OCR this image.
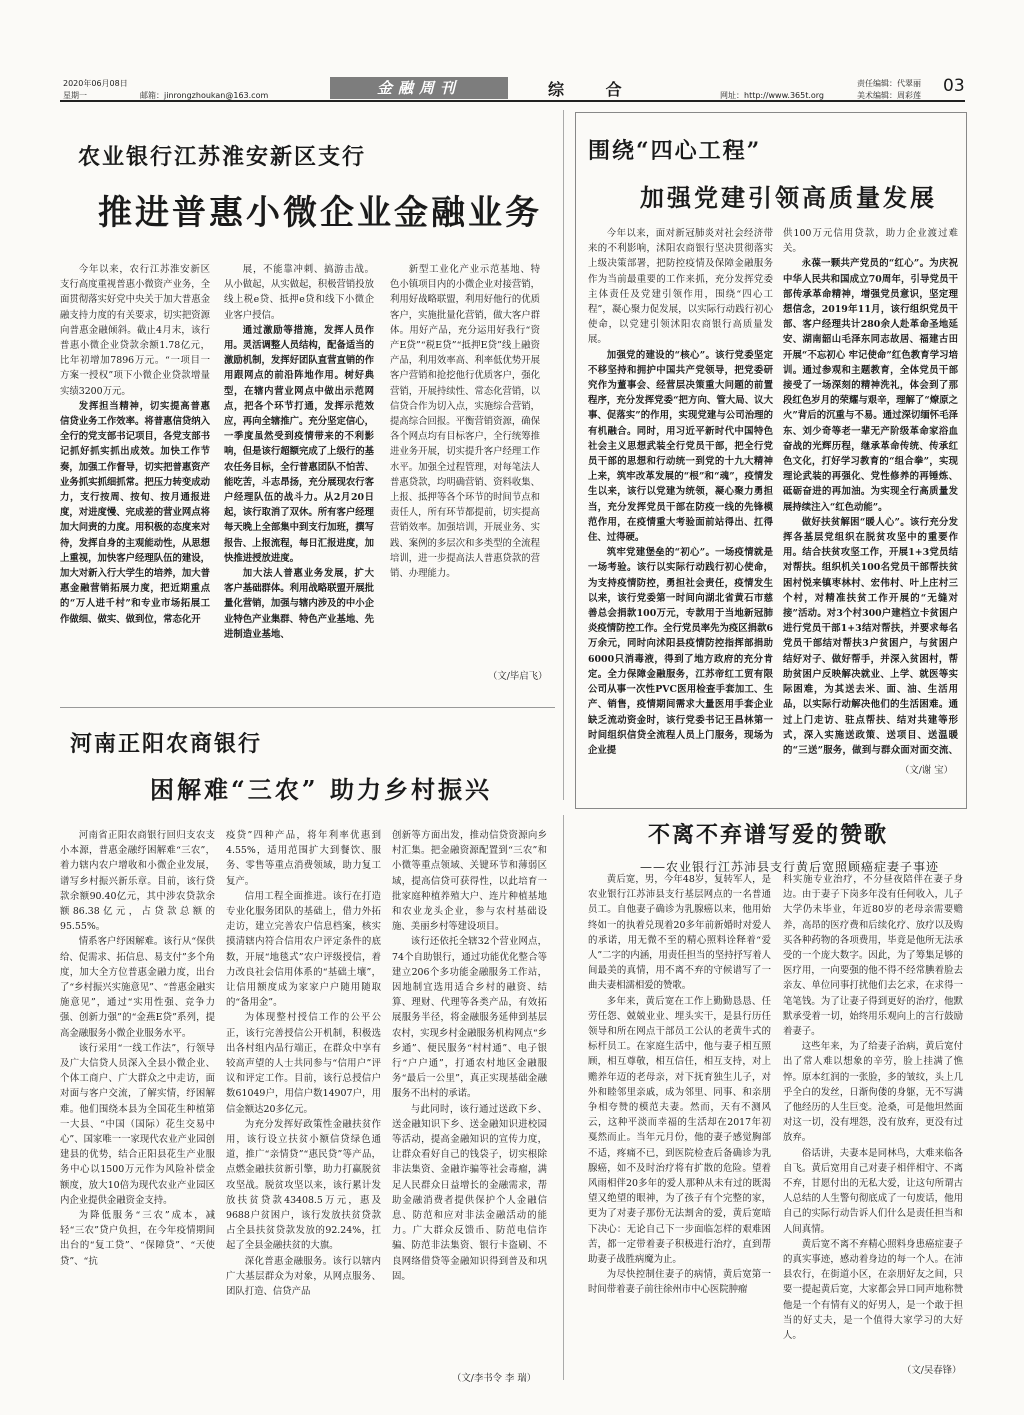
2020年06月08日
星期一	邮箱：jinrongzhoukan@163.com	金融周刊	综 合	网址：http://www.365t.org
责任编辑：代翠丽
美术编辑：周彩莲 03
农业银行江苏淮安新区支行
推进普惠小微企业金融业务

今年以来，农行江苏淮安新区支行高度重视普惠小微资产业务，全面贯彻落实好党中央关于加大普惠金融支持力度的有关要求，切实把资源向普惠金融倾斜。截止4月末，该行普惠小微企业贷款余额1.78亿元，比年初增加7896万元。“一项目一方案一授权”项下小微企业贷款增量实绩3200万元。

发挥担当精神，切实提高普惠信贷业务工作效率。将普惠信贷纳入全行的党支部书记项目，各党支部书记抓好抓实抓出成效。加快工作节奏，加强工作督导，切实把普惠资产业务抓实抓细抓常。把压力转变成动力，支行按周、按旬、按月通报进度，对进度慢、完成差的营业网点将加大问责的力度。用积极的态度来对待，发挥自身的主观能动性，从思想上重视，加快客户经理队伍的建设，加大对新入行大学生的培养，加大普惠金融营销拓展力度，把近期重点的“万人进千村”和专业市场拓展工作做细、做实、做到位，常态化开

展，不能靠冲刺、搞游击战。从小做起，从实做起，积极营销投放线上税e贷、抵押e贷和线下小微企业客户授信。

通过激励等措施，发挥人员作用。灵活调整人员结构，配备适当的激励机制，发挥好团队直营直销的作用跟网点的前沿阵地作用。树好典型，在辖内营业网点中做出示范网点，把各个环节打通，发挥示范效应，再向全辖推广。充分坚定信心，一季度虽然受到疫情带来的不利影响，但是该行超额完成了上级行的基农任务目标，全行普惠团队不怕苦、能吃苦，斗志昂扬，充分展现农行客户经理队伍的战斗力。从2月20日起，该行取消了双休。所有客户经理每天晚上全部集中到支行加班，撰写报告、上报流程，每日汇报进度，加快推进授放进度。

加大法人普惠业务发展，扩大客户基础群体。利用战略联盟开展批量化营销，加强与辖内涉及的中小企业特色产业集群、特色产业基地、先进制造业基地、

新型工业化产业示范基地、特色小镇项目内的小微企业对接营销，利用好战略联盟，利用好他行的优质客户，实施批量化营销，做大客户群体。用好产品，充分运用好我行“资产E贷”“税E贷”“抵押E贷”线上融资产品，利用效率高、利率低优势开展客户营销和抢挖他行优质客户，强化营销，开展持续性、常态化营销，以信贷合作为切入点，实施综合营销，提高综合回报。平衡营销资源，确保各个网点均有目标客户，全行统筹推进业务开展，切实提升客户经理工作水平。加强全过程管理，对每笔法人普惠贷款，均明确营销、资料收集、上报、抵押等各个环节的时间节点和责任人，所有环节都提前，切实提高营销效率。加强培训，开展业务、实践、案例的多层次和多类型的全流程培训，进一步提高法人普惠贷款的营销、办理能力。

（文/毕启飞）
围绕“四心工程”
加强党建引领高质量发展

今年以来，面对新冠肺炎对社会经济带来的不利影响，沭阳农商银行坚决贯彻落实上级决策部署，把防控疫情及保障金融服务作为当前最重要的工作来抓，充分发挥党委主体责任及党建引领作用，围绕“四心工程”，凝心聚力促发展，以实际行动践行初心使命，以党建引领沭阳农商银行高质量发展。

加强党的建设的“核心”。该行党委坚定不移坚持和拥护中国共产党领导，把党委研究作为董事会、经营层决策重大问题的前置程序，充分发挥党委“把方向、管大局、议大事、促落实”的作用，实现党建与公司治理的有机融合。同时，用习近平新时代中国特色社会主义思想武装全行党员干部，把全行党员干部的思想和行动统一到党的十九大精神上来，筑牢改革发展的“根”和“魂”，疫情发生以来，该行以党建为统领，凝心聚力勇担当，充分发挥党员干部在防疫一线的先锋模范作用，在疫情重大考验面前站得出、扛得住、过得硬。

筑牢党建堡垒的“初心”。一场疫情就是一场考验。该行以实际行动践行初心使命，为支持疫情防控，勇担社会责任，疫情发生以来，该行党委第一时间向湖北省黄石市慈善总会捐款100万元，专款用于当地新冠肺炎疫情防控工作。全行党员率先为疫区捐款6万余元，同时向沭阳县疫情防控指挥部捐助6000只消毒液，得到了地方政府的充分肯定。全力保障金融服务，江苏帝红工贸有限公司从事一次性PVC医用检查手套加工、生产、销售，疫情期间需求大量医用手套企业缺乏流动资金时，该行党委书记王昌林第一时间组织信贷全流程人员上门服务，现场为企业提

供100万元信用贷款，助力企业渡过难关。

永葆一颗共产党员的“红心”。为庆祝中华人民共和国成立70周年，引导党员干部传承革命精神，增强党员意识，坚定理想信念，2019年11月，该行组织党员干部、客户经理共计280余人赴革命圣地延安、湖南韶山毛泽东同志故居、福建古田开展“不忘初心 牢记使命”红色教育学习培训。通过参观和主题教育，全体党员干部接受了一场深刻的精神洗礼，体会到了那段红色岁月的荣耀与艰辛，理解了“燎原之火”背后的沉重与不易。通过深切缅怀毛泽东、刘少奇等老一辈无产阶级革命家浴血奋战的光辉历程，继承革命传统、传承红色文化，打好学习教育的“组合拳”，实现理论武装的再强化、党性修养的再锤炼、砥砺奋进的再加油。为实现全行高质量发展持续注入“红色动能”。

做好扶贫解困“暖人心”。该行充分发挥各基层党组织在脱贫攻坚中的重要作用。结合扶贫攻坚工作，开展1+3党员结对帮扶。组织机关100名党员干部帮扶贫困村悦来镇枣林村、宏伟村、叶上庄村三个村，对精准扶贫工作开展的“无缝对接”活动。对3个村300户建档立卡贫困户进行党员干部1+3结对帮扶，并要求每名党员干部结对帮扶3户贫困户，与贫困户结好对子、做好帮手，并深入贫困村，帮助贫困户反映解决就业、上学、就医等实际困难，为其送去米、面、油、生活用品，以实际行动解决他们的生活困难。通过上门走访、驻点帮扶、结对共建等形式，深入实施送政策、送项目、送温暖的“三送”服务，做到与群众面对面交流、

（文/谢 宝）
河南正阳农商银行
困解难“三农” 助力乡村振兴

河南省正阳农商银行回归支农支小本源，普惠金融纾困解难“三农”，着力辖内农户增收和小微企业发展，谱写乡村振兴新乐章。目前，该行贷款余额90.40亿元，其中涉农贷款余额86.38亿元，占贷款总额的95.55%。

情系客户纾困解难。该行从“保供给、促需求、拓信息、易支付”多个角度，加大全方位普惠金融力度，出台了“乡村振兴实施意见”、“普惠金融实施意见”，通过“实用性强、竞争力强、创新力强”的“金燕E贷”系列，提高金融服务小微企业服务水平。

该行采用“一线工作法”，行领导及广大信贷人员深入全县小微企业、个体工商户、广大群众之中走访，面对面与客户交流，了解实情，纾困解难。他们围绕本县为全国花生种植第一大县、“中国（国际）花生交易中心”、国家唯一一家现代农业产业园创建县的优势，结合正阳县花生产业服务中心以1500万元作为风险补偿金额度，放大10倍为现代农业产业园区内企业提供金融资金支持。

为降低服务“三农”成本，减轻“三农”贷户负担，在今年疫情期间出台的“复工贷”、“保障贷”、“天使贷”、“抗

疫贷”四种产品，将年利率优惠到4.55%，适用范围扩大到餐饮、服务、零售等重点消费领域，助力复工复产。

信用工程全面推进。该行在打造专业化服务团队的基础上，借力外拓走访，建立完善农户信息档案，核实摸清辖内符合信用农户评定条件的底数，开展“地毯式”农户评级授信，着力改良社会信用体系的“基础土壤”，让信用额度成为家家户户随用随取的“备用金”。

为体现整村授信工作的公平公正，该行完善授信公开机制，积极选出各村组内品行端正，在群众中享有较高声望的人士共同参与“信用户”评议和评定工作。目前，该行总授信户数61049户，用信户数14907户，用信金额达20多亿元。

为充分发挥好政策性金融扶贫作用，该行设立扶贫小额信贷绿色通道，推广“亲情贷”“惠民贷”等产品，点燃金融扶贫新引擎，助力打赢脱贫攻坚战。脱贫攻坚以来，该行累计发放扶贫贷款43408.5万元，惠及9688户贫困户，该行发放扶贫贷款占全县扶贫贷款发放的92.24%，扛起了全县金融扶贫的大旗。

深化普惠金融服务。该行以辖内广大基层群众为对象，从网点服务、团队打造、信贷产品

创新等方面出发，推动信贷资源向乡村汇集。把金融资源配置到“三农”和小微等重点领域、关键环节和薄弱区域，提高信贷可获得性，以此培育一批家庭种植养殖大户、连片种植基地和农业龙头企业，参与农村基础设施、美丽乡村等建设项目。

该行还依托全辖32个营业网点，74个自助银行，通过功能优化整合等建立206个多功能金融服务工作站，因地制宜选用适合乡村的融资、结算、理财、代理等各类产品，有效拓展服务半径，将金融服务延伸到基层农村，实现乡村金融服务机构网点“乡乡通”、便民服务“村村通”、电子银行“户户通”，打通农村地区金融服务“最后一公里”，真正实现基础金融服务不出村的承诺。

与此同时，该行通过送政下乡、送金融知识下乡、送金融知识进校园等活动，提高金融知识的宣传力度，让群众看好自己的钱袋子，切实根除非法集资、金融诈骗等社会毒瘤，满足人民群众日益增长的金融需求，帮助金融消费者提供保护个人金融信息、防范和应对非法金融活动的能力。广大群众反馈币、防范电信诈骗、防范非法集资、银行卡盗刷、不良网络借贷等金融知识得到普及和巩固。

（文/李书令 李 瑞）
不离不弃谱写爱的赞歌
——农业银行江苏沛县支行黄后宽照顾癌症妻子事迹

黄后宽，男，今年48岁，复转军人，是农业银行江苏沛县支行基层网点的一名普通员工。自他妻子确诊为乳腺癌以来，他用始终如一的执着兑现着20多年前新婚时对爱人的承诺，用无微不至的精心照料诠释着“爱人”二字的内涵，用责任担当的坚持抒写着人间最美的真情，用不离不弃的守候谱写了一曲夫妻相濡相爱的赞歌。

多年来，黄后宽在工作上勤勤恳恳、任劳任怨、兢兢业业、埋头实干，是县行历任领导和所在网点干部员工公认的老黄牛式的标杆员工。在家庭生活中，他与妻子相互照顾，相互尊敬，相互信任，相互支持，对上赡养年迈的老母亲，对下抚育独生儿子，对外和睦邻里亲戚，成为邻里、同事、和亲朋争相夸赞的模范夫妻。然而，天有不测风云，这种平淡而幸福的生活却在2017年初戛然而止。当年元月份，他的妻子感觉胸部不适，疼痛不已，到医院检查后备确诊为乳腺癌，如不及时治疗将有扩散的危险。望着风雨相伴20多年的爱人那种从未有过的既渴望又绝望的眼神，为了孩子有个完整的家，更为了对妻子那份无法割舍的爱，黄后宽暗下决心：无论自己下一步面临怎样的艰难困苦，都一定带着妻子积极进行治疗，直到帮助妻子战胜病魔为止。

为尽快控制住妻子的病情，黄后宽第一时间带着妻子前往徐州市中心医院肿瘤

科实施专业治疗，不分昼夜陪伴在妻子身边。由于妻子下岗多年没有任何收入，儿子大学仍未毕业，年近80岁的老母亲需要赡养，高昂的医疗费和后续化疗、放疗以及购买各种药物的各项费用，毕竟是他所无法承受的一个庞大数字。因此，为了筹集足够的医疗用，一向要强的他不得不经常腆着脸去亲友、单位同事打扰他们去乞求，在求得一笔笔钱。为了让妻子得到更好的治疗，他默默承受着一切，始终用乐观向上的言行鼓励着妻子。

这些年来，为了给妻子治病，黄后宽付出了常人难以想象的辛劳，脸上挂满了憔悴。原本红润的一张脸，多的皱纹，头上几乎全白的发丝，日渐佝偻的身躯，无不写满了他经历的人生巨变。沧桑，可是他坦然面对这一切，没有埋怨，没有放弃，更没有过放弃。

俗话讲，夫妻本是同林鸟，大难来临各自飞。黄后宽用自己对妻子相伴相守、不离不弃，甘愿付出的无私大爱，让这句所谓古人总结的人生警句彻底成了一句废话，他用自己的实际行动告诉人们什么是责任担当和人间真情。

黄后宽不离不弃精心照料身患癌症妻子的真实事迹，感动着身边的每一个人。在沛县农行，在街道小区，在亲朋好友之间，只要一提起黄后宽，大家都会异口同声地称赞他是一个有情有义的好男人，是一个敢于担当的好丈夫，是一个值得大家学习的大好人。

（文/吴春锋）
